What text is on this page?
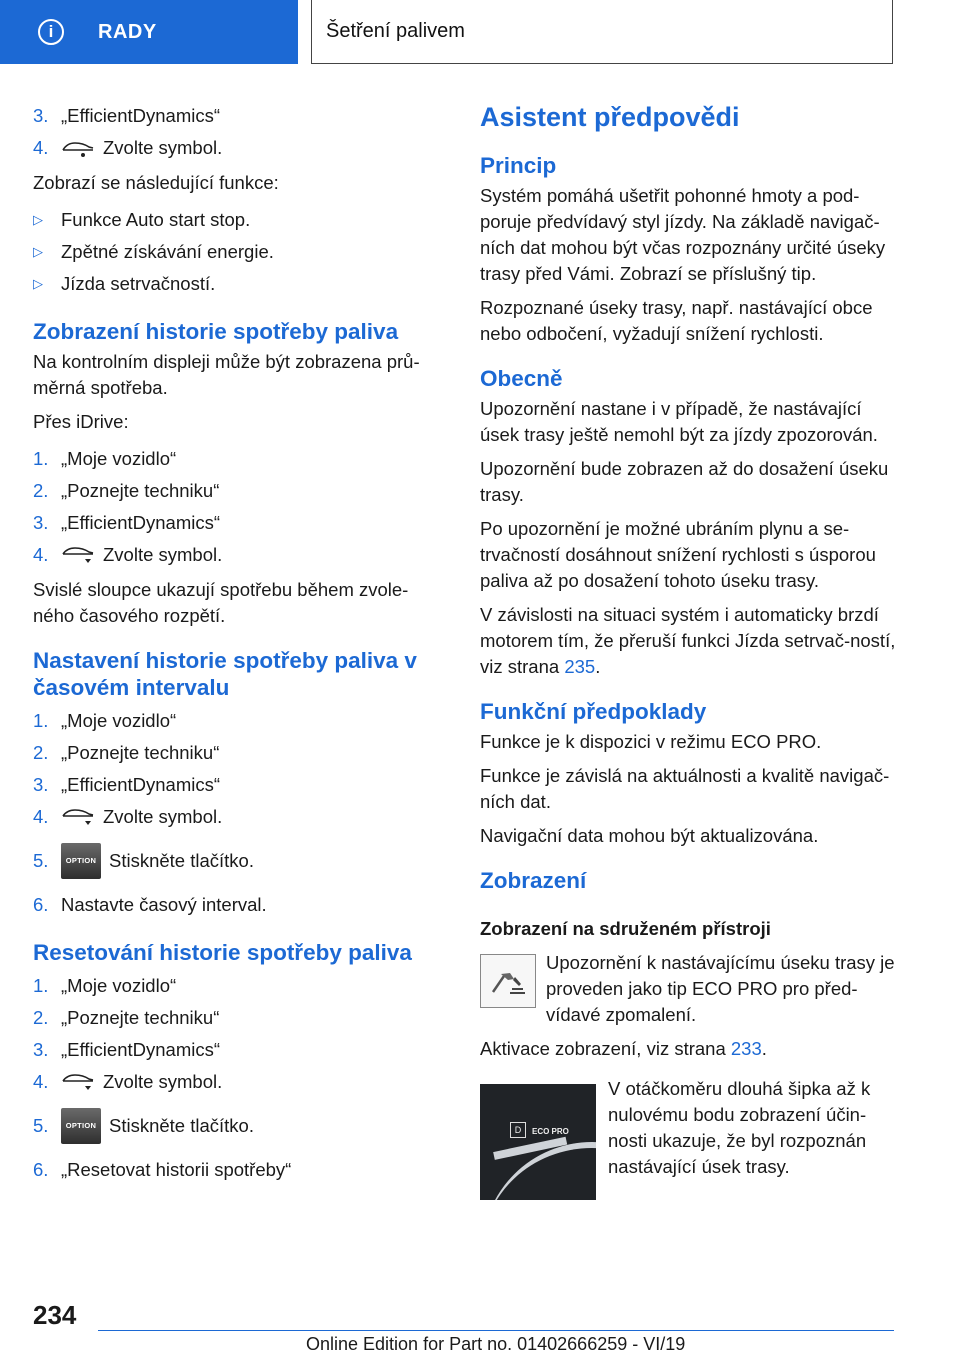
i	RADY	Šetření palivem
3. „EfficientDynamics“
4.	Zvolte symbol.

Zobrazí se následující funkce:

▷ Funkce Auto start stop.
▷ Zpětné získávání energie.
▷ Jízda setrvačností.
Zobrazení historie spotřeby paliva

Na kontrolním displeji může být zobrazena prů-měrná spotřeba.

Přes iDrive:

1. „Moje vozidlo“
2. „Poznejte techniku“
3. „EfficientDynamics“
4.	Zvolte symbol.

Svislé sloupce ukazují spotřebu během zvole-ného časového rozpětí.

Nastavení historie spotřeby paliva v časovém intervalu
1. „Moje vozidlo“
2. „Poznejte techniku“
3. „EfficientDynamics“
4.	Zvolte symbol.
5.	OPTION Stiskněte tlačítko.
6. Nastavte časový interval.
Resetování historie spotřeby paliva
1. „Moje vozidlo“
2. „Poznejte techniku“
3. „EfficientDynamics“
4.	Zvolte symbol.
5.	OPTION Stiskněte tlačítko.
6. „Resetovat historii spotřeby“
Asistent předpovědi
Princip

Systém pomáhá ušetřit pohonné hmoty a pod-poruje předvídavý styl jízdy. Na základě navigač-ních dat mohou být včas rozpoznány určité úseky trasy před Vámi. Zobrazí se příslušný tip.

Rozpoznané úseky trasy, např. nastávající obce nebo odbočení, vyžadují snížení rychlosti.

Obecně

Upozornění nastane i v případě, že nastávající úsek trasy ještě nemohl být za jízdy zpozorován.

Upozornění bude zobrazen až do dosažení úseku trasy.

Po upozornění je možné ubráním plynu a se-trvačností dosáhnout snížení rychlosti s úsporou paliva až po dosažení tohoto úseku trasy.

V závislosti na situaci systém i automaticky brzdí motorem tím, že přeruší funkci Jízda setrvač-ností, viz strana 235.

Funkční předpoklady

Funkce je k dispozici v režimu ECO PRO.

Funkce je závislá na aktuálnosti a kvalitě navigač-ních dat.

Navigační data mohou být aktualizována.

Zobrazení
Zobrazení na sdruženém přístroji
Upozornění k nastávajícímu úseku trasy je proveden jako tip ECO PRO pro před-vídavé zpomalení.

Aktivace zobrazení, viz strana 233.

D	ECO PRO
V otáčkoměru dlouhá šipka až k nulovému bodu zobrazení účin-nosti ukazuje, že byl rozpoznán nastávající úsek trasy.
234
Online Edition for Part no. 01402666259 - VI/19
